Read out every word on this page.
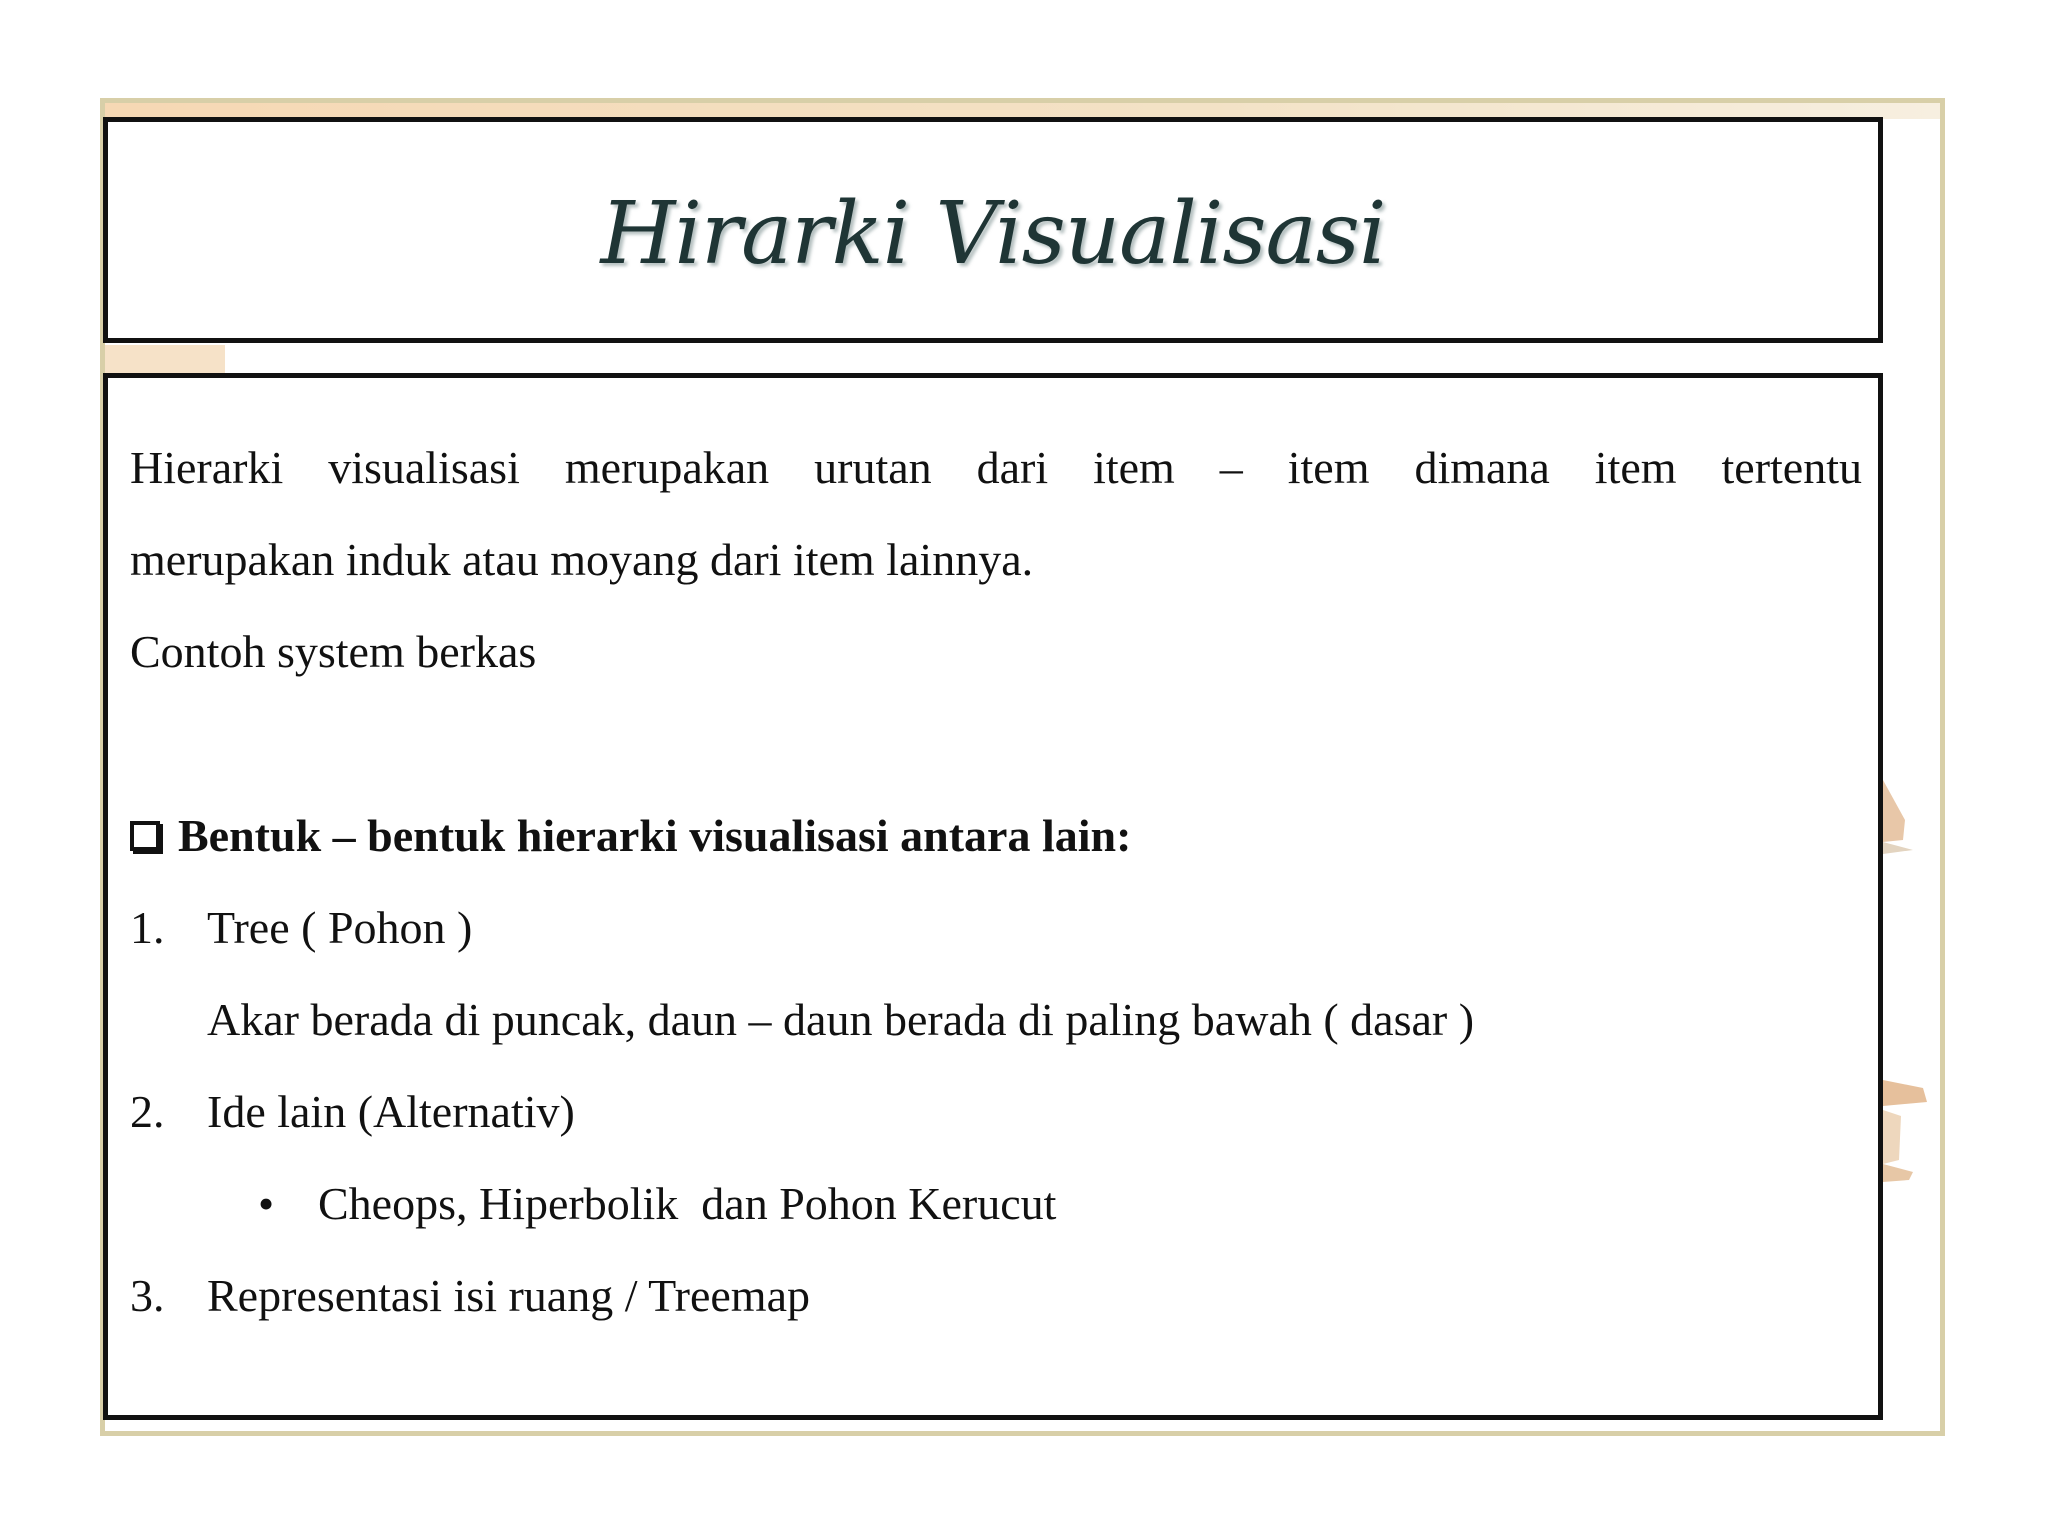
Hirarki Visualisasi

Hierarki visualisasi merupakan urutan dari item – item dimana item tertentu

merupakan induk atau moyang dari item lainnya.

Contoh system berkas

Bentuk – bentuk hierarki visualisasi antara lain:
1. Tree ( Pohon )
Akar berada di puncak, daun – daun berada di paling bawah ( dasar )
2. Ide lain (Alternativ)
• Cheops, Hiperbolik  dan Pohon Kerucut
3. Representasi isi ruang / Treemap
